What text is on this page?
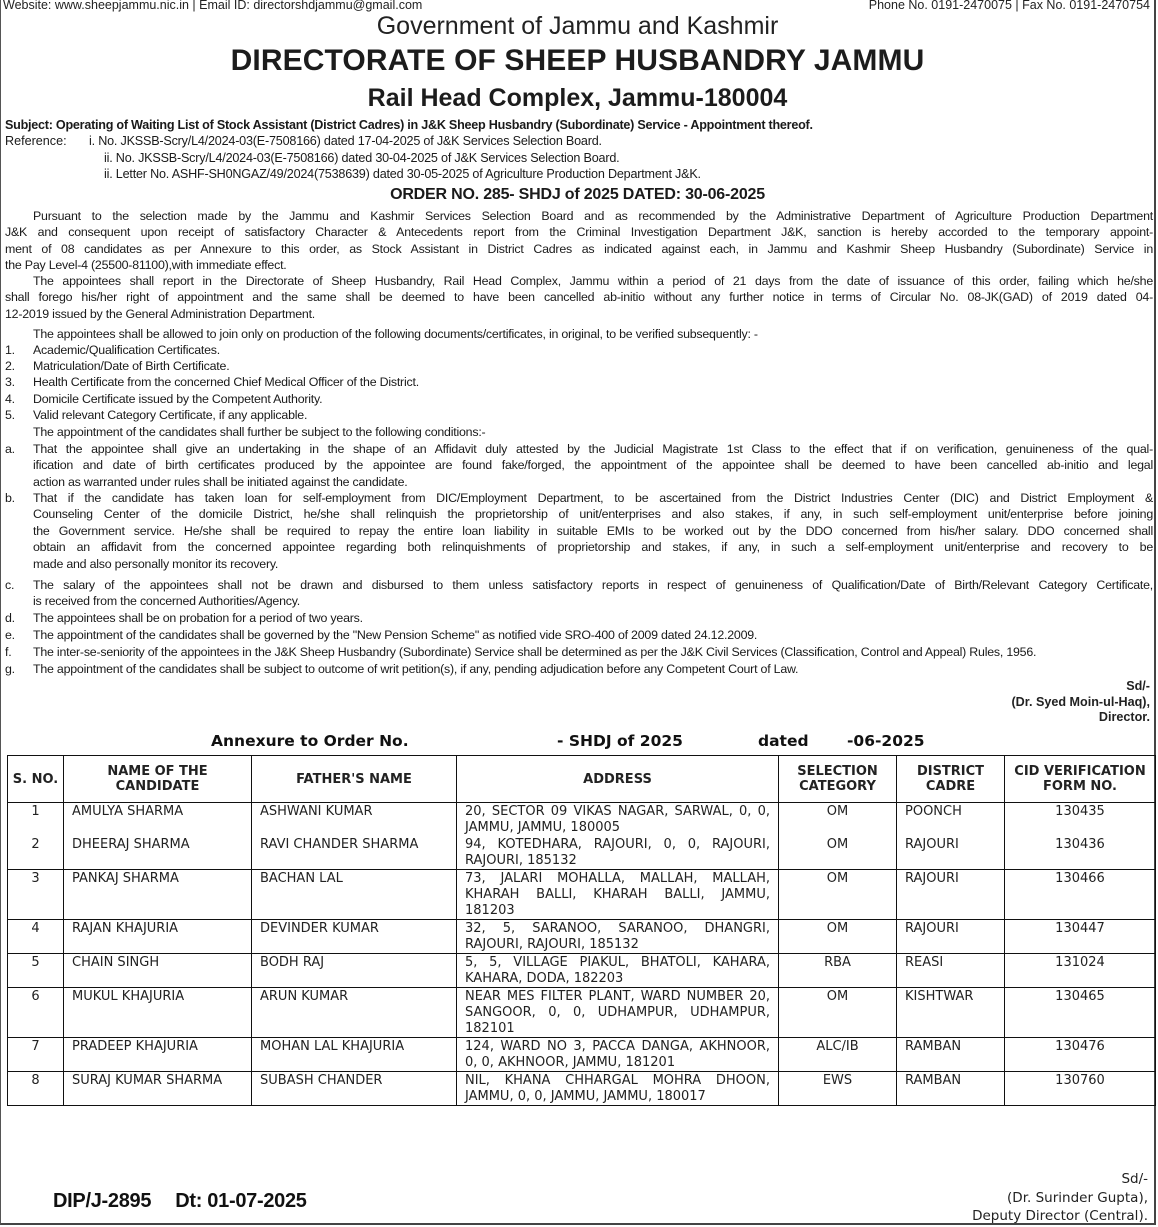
Website: www.sheepjammu.nic.in | Email ID: directorshdjammu@gmail.com	Phone No. 0191-2470075 | Fax No. 0191-2470754
Government of Jammu and Kashmir
DIRECTORATE OF SHEEP HUSBANDRY JAMMU
Rail Head Complex, Jammu-180004
Subject: Operating of Waiting List of Stock Assistant (District Cadres) in J&K Sheep Husbandry (Subordinate) Service - Appointment thereof.
Reference: i. No. JKSSB-Scry/L4/2024-03(E-7508166) dated 17-04-2025 of J&K Services Selection Board.
ii. No. JKSSB-Scry/L4/2024-03(E-7508166) dated 30-04-2025 of J&K Services Selection Board.
ii. Letter No. ASHF-SH0NGAZ/49/2024(7538639) dated 30-05-2025 of Agriculture Production Department J&K.
ORDER NO. 285- SHDJ of 2025 DATED: 30-06-2025
Pursuant to the selection made by the Jammu and Kashmir Services Selection Board and as recommended by the Administrative Department of Agriculture Production Department
J&K and consequent upon receipt of satisfactory Character & Antecedents report from the Criminal Investigation Department J&K, sanction is hereby accorded to the temporary appoint-
ment of 08 candidates as per Annexure to this order, as Stock Assistant in District Cadres as indicated against each, in Jammu and Kashmir Sheep Husbandry (Subordinate) Service in
the Pay Level-4 (25500-81100),with immediate effect.
The appointees shall report in the Directorate of Sheep Husbandry, Rail Head Complex, Jammu within a period of 21 days from the date of issuance of this order, failing which he/she
shall forego his/her right of appointment and the same shall be deemed to have been cancelled ab-initio without any further notice in terms of Circular No. 08-JK(GAD) of 2019 dated 04-
12-2019 issued by the General Administration Department.
The appointees shall be allowed to join only on production of the following documents/certificates, in original, to be verified subsequently: -
1. Academic/Qualification Certificates.
2. Matriculation/Date of Birth Certificate.
3. Health Certificate from the concerned Chief Medical Officer of the District.
4. Domicile Certificate issued by the Competent Authority.
5. Valid relevant Category Certificate, if any applicable.
The appointment of the candidates shall further be subject to the following conditions:-
a. That the appointee shall give an undertaking in the shape of an Affidavit duly attested by the Judicial Magistrate 1st Class to the effect that if on verification, genuineness of the qual-
ification and date of birth certificates produced by the appointee are found fake/forged, the appointment of the appointee shall be deemed to have been cancelled ab-initio and legal
action as warranted under rules shall be initiated against the candidate.
b. That if the candidate has taken loan for self-employment from DIC/Employment Department, to be ascertained from the District Industries Center (DIC) and District Employment &
Counseling Center of the domicile District, he/she shall relinquish the proprietorship of unit/enterprises and also stakes, if any, in such self-employment unit/enterprise before joining
the Government service. He/she shall be required to repay the entire loan liability in suitable EMIs to be worked out by the DDO concerned from his/her salary. DDO concerned shall
obtain an affidavit from the concerned appointee regarding both relinquishments of proprietorship and stakes, if any, in such a self-employment unit/enterprise and recovery to be
made and also personally monitor its recovery.
c. The salary of the appointees shall not be drawn and disbursed to them unless satisfactory reports in respect of genuineness of Qualification/Date of Birth/Relevant Category Certificate,
is received from the concerned Authorities/Agency.
d. The appointees shall be on probation for a period of two years.
e. The appointment of the candidates shall be governed by the "New Pension Scheme" as notified vide SRO-400 of 2009 dated 24.12.2009.
f. The inter-se-seniority of the appointees in the J&K Sheep Husbandry (Subordinate) Service shall be determined as per the J&K Civil Services (Classification, Control and Appeal) Rules, 1956.
g. The appointment of the candidates shall be subject to outcome of writ petition(s), if any, pending adjudication before any Competent Court of Law.
Sd/-
(Dr. Syed Moin-ul-Haq),
Director.
Annexure to Order No.	- SHDJ of 2025	dated -06-2025
S. NO.	NAME OF THE CANDIDATE	FATHER'S NAME	ADDRESS	SELECTION CATEGORY	DISTRICT CADRE	CID VERIFICATION FORM NO.
1	AMULYA SHARMA	ASHWANI KUMAR	20, SECTOR 09 VIKAS NAGAR, SARWAL, 0, 0, JAMMU, JAMMU, 180005	OM	POONCH	130435
2	DHEERAJ SHARMA	RAVI CHANDER SHARMA	94, KOTEDHARA, RAJOURI, 0, 0, RAJOURI, RAJOURI, 185132	OM	RAJOURI	130436
3	PANKAJ SHARMA	BACHAN LAL	73, JALARI MOHALLA, MALLAH, MALLAH, KHARAH BALLI, KHARAH BALLI, JAMMU, 181203	OM	RAJOURI	130466
4	RAJAN KHAJURIA	DEVINDER KUMAR	32, 5, SARANOO, SARANOO, DHANGRI, RAJOURI, RAJOURI, 185132	OM	RAJOURI	130447
5	CHAIN SINGH	BODH RAJ	5, 5, VILLAGE PIAKUL, BHATOLI, KAHARA, KAHARA, DODA, 182203	RBA	REASI	131024
6	MUKUL KHAJURIA	ARUN KUMAR	NEAR MES FILTER PLANT, WARD NUMBER 20, SANGOOR, 0, 0, UDHAMPUR, UDHAMPUR, 182101	OM	KISHTWAR	130465
7	PRADEEP KHAJURIA	MOHAN LAL KHAJURIA	124, WARD NO 3, PACCA DANGA, AKHNOOR, 0, 0, AKHNOOR, JAMMU, 181201	ALC/IB	RAMBAN	130476
8	SURAJ KUMAR SHARMA	SUBASH CHANDER	NIL, KHANA CHHARGAL MOHRA DHOON, JAMMU, 0, 0, JAMMU, JAMMU, 180017	EWS	RAMBAN	130760
DIP/J-2895 Dt: 01-07-2025
Sd/-
(Dr. Surinder Gupta),
Deputy Director (Central).
